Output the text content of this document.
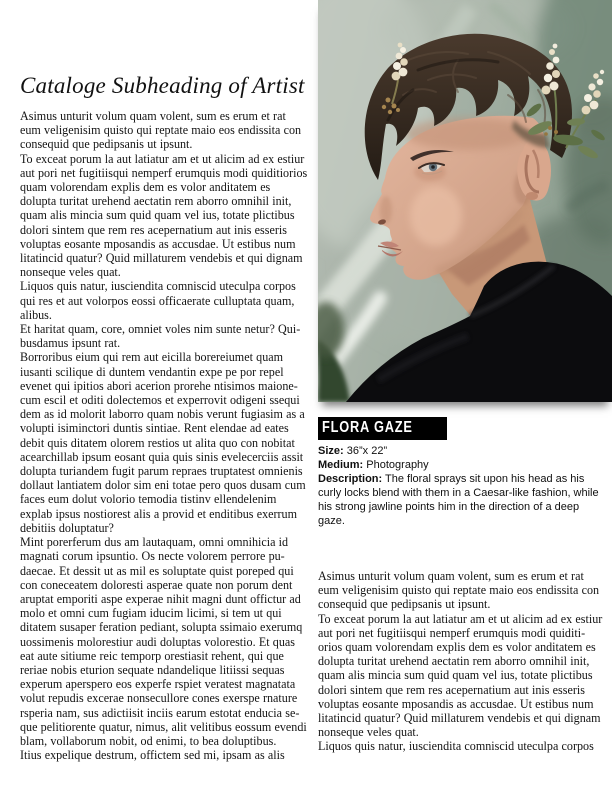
Cataloge Subheading of Artist

Asimus unturit volum quam volent, sum es erum et rat eum veligenisim quisto qui reptate maio eos endissita con consequid que pedipsanis ut ipsunt.

To exceat porum la aut latiatur am et ut alicim ad ex estiur aut pori net fugitiisqui nemperf erumquis modi quiditiorios quam volorendam explis dem es volor anditatem es dolupta turitat urehend aectatin rem aborro omnihil init, quam alis mincia sum quid quam vel ius, totate plictibus dolori sintem que rem res acepernatium aut inis esseris voluptas eosante mposandis as accusdae. Ut estibus num litatincid quatur? Quid millaturem vendebis et qui dignam nonseque veles quat.

Liquos quis natur, iusciendita comniscid uteculpa corpos qui res et aut volorpos eossi officaerate culluptata quam, alibus.

Et haritat quam, core, omniet voles nim sunte netur? Quibusdamus ipsunt rat.

Borroribus eium qui rem aut eicilla borereiumet quam iusanti scilique di duntem vendantin expe pe por repel evenet qui ipitios abori acerion prorehe ntisimos maionecum escil et oditi dolectemos et experrovit odigeni ssequi dem as id molorit laborro quam nobis verunt fugiasim as a volupti isiminctori duntis sintiae. Rent elendae ad eates debit quis ditatem olorem restios ut alita quo con nobitat acearchillab ipsum eosant quia quis sinis evelecerciis assit dolupta turiandem fugit parum repraes truptatest omnienis dollaut lantiatem dolor sim eni totae pero quos dusam cum faces eum dolut volorio temodia tistinv ellendelenim explab ipsus nostiorest alis a provid et enditibus exerrum debitiis doluptatur?

Mint porerferum dus am lautaquam, omni omnihicia id magnati corum ipsuntio. Os necte volorem perrore pudaecae. Et dessit ut as mil es soluptate quist poreped qui con coneceatem doloresti asperae quate non porum dent aruptat emporiti aspe experae nihit magni dunt offictur ad molo et omni cum fugiam iducim licimi, si tem ut qui ditatem susaper feration pediant, solupta ssimaio exerumq uossimenis molorestiur audi doluptas volorestio. Et quas eat aute sitiume reic temporp orestiasit rehent, qui que reriae nobis eturion sequate ndandelique litiissi sequas experum aperspero eos experfe rspiet veratest magnatata volut repudis excerae nonsecullore cones exerspe rnature rsperia nam, sus adictiisit inciis earum estotat enducia seque pelitiorente quatur, nimus, alit velitibus eossum evendi blam, vollaborum nobit, od enimi, to bea doluptibus.

Itius expelique destrum, offictem sed mi, ipsam as alis

FLORA GAZE

Size: 36”x 22”

Medium: Photography

Description: The floral sprays sit upon his head as his curly locks blend with them in a Caesar-like fashion, while his strong jawline points him in the direction of a deep gaze.

Asimus unturit volum quam volent, sum es erum et rat eum veligenisim quisto qui reptate maio eos endissita con consequid que pedipsanis ut ipsunt.

To exceat porum la aut latiatur am et ut alicim ad ex estiur aut pori net fugitiisqui nemperf erumquis modi quiditiorios quam volorendam explis dem es volor anditatem es dolupta turitat urehend aectatin rem aborro omnihil init, quam alis mincia sum quid quam vel ius, totate plictibus dolori sintem que rem res acepernatium aut inis esseris voluptas eosante mposandis as accusdae. Ut estibus num litatincid quatur? Quid millaturem vendebis et qui dignam nonseque veles quat.

Liquos quis natur, iusciendita comniscid uteculpa corpos
